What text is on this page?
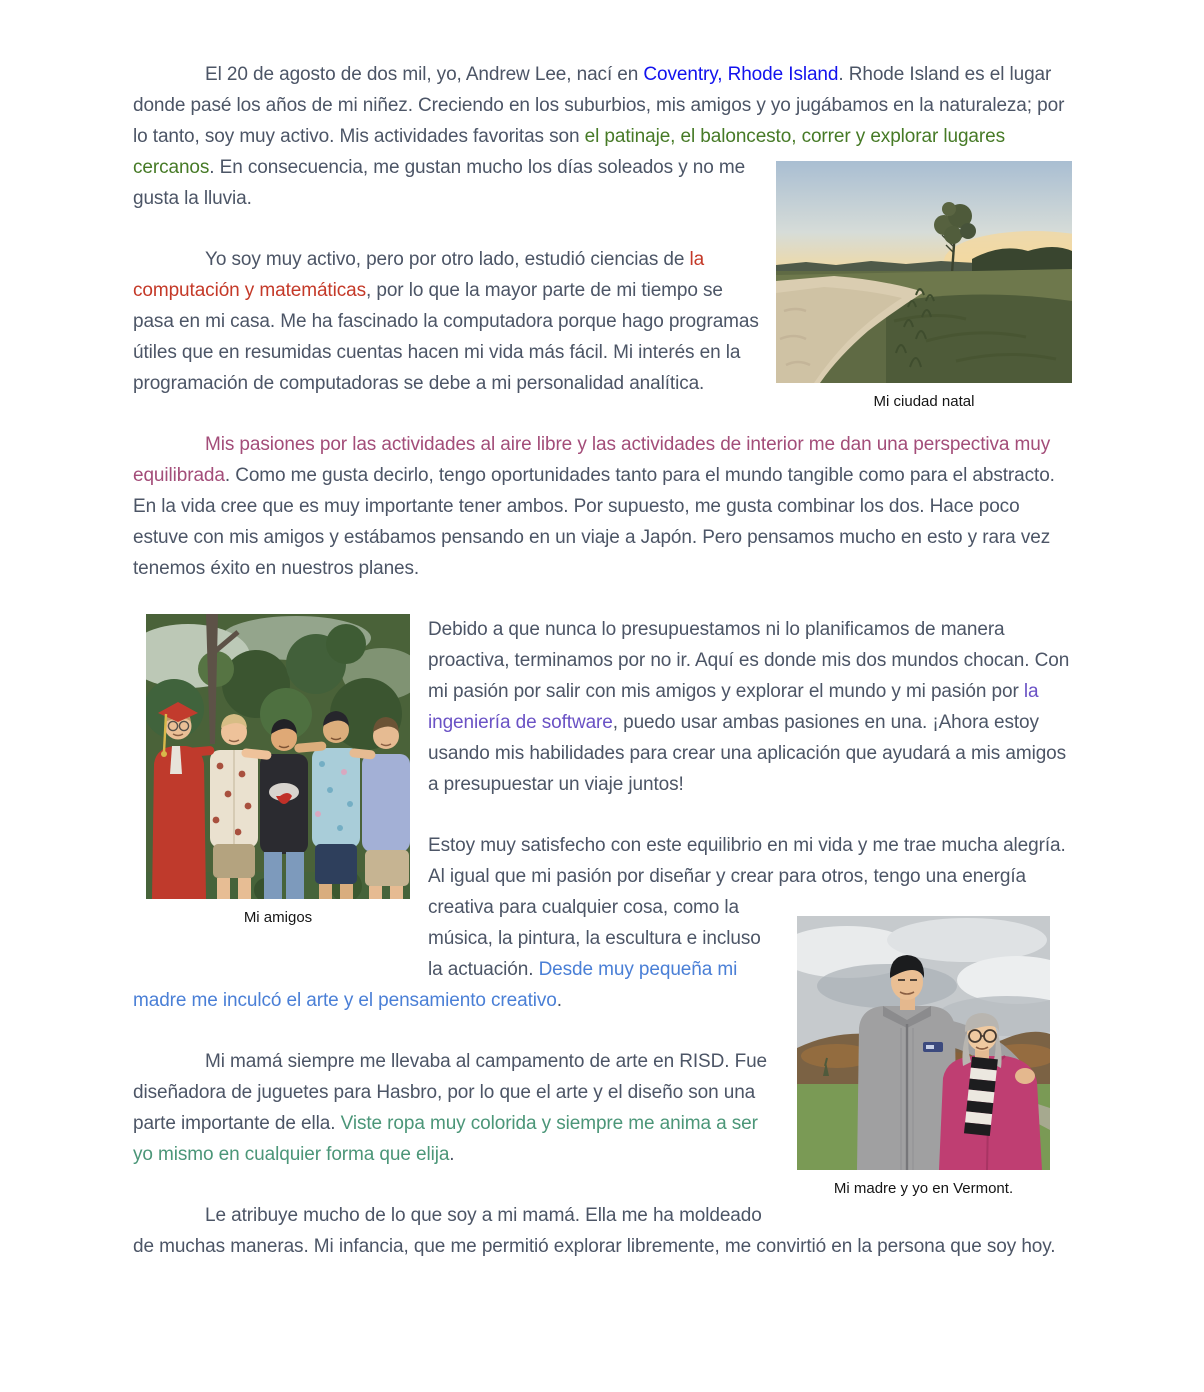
Mi ciudad natal
El 20 de agosto de dos mil, yo, Andrew Lee, nací en Coventry, Rhode Island. Rhode Island es el lugar donde pasé los años de mi niñez. Creciendo en los suburbios, mis amigos y yo jugábamos en la naturaleza; por lo tanto, soy muy activo. Mis actividades favoritas son el patinaje, el baloncesto, correr y explorar lugares cercanos. En consecuencia, me gustan mucho los días soleados y no me gusta la lluvia.
Yo soy muy activo, pero por otro lado, estudió ciencias de la computación y matemáticas, por lo que la mayor parte de mi tiempo se pasa en mi casa. Me ha fascinado la computadora porque hago programas útiles que en resumidas cuentas hacen mi vida más fácil. Mi interés en la programación de computadoras se debe a mi personalidad analítica.
Mis pasiones por las actividades al aire libre y las actividades de interior me dan una perspectiva muy equilibrada. Como me gusta decirlo, tengo oportunidades tanto para el mundo tangible como para el abstracto. En la vida cree que es muy importante tener ambos. Por supuesto, me gusta combinar los dos. Hace poco estuve con mis amigos y estábamos pensando en un viaje a Japón. Pero pensamos mucho en esto y rara vez tenemos éxito en nuestros planes.
Mi amigos
Debido a que nunca lo presupuestamos ni lo planificamos de manera proactiva, terminamos por no ir. Aquí es donde mis dos mundos chocan. Con mi pasión por salir con mis amigos y explorar el mundo y mi pasión por la ingeniería de software, puedo usar ambas pasiones en una. ¡Ahora estoy usando mis habilidades para crear una aplicación que ayudará a mis amigos a presupuestar un viaje juntos!
Mi madre y yo en Vermont.
Estoy muy satisfecho con este equilibrio en mi vida y me trae mucha alegría. Al igual que mi pasión por diseñar y crear para otros, tengo una energía creativa para cualquier cosa, como la música, la pintura, la escultura e incluso la actuación. Desde muy pequeña mi madre me inculcó el arte y el pensamiento creativo.
Mi mamá siempre me llevaba al campamento de arte en RISD. Fue diseñadora de juguetes para Hasbro, por lo que el arte y el diseño son una parte importante de ella. Viste ropa muy colorida y siempre me anima a ser yo mismo en cualquier forma que elija.
Le atribuye mucho de lo que soy a mi mamá. Ella me ha moldeado de muchas maneras. Mi infancia, que me permitió explorar libremente, me convirtió en la persona que soy hoy.
